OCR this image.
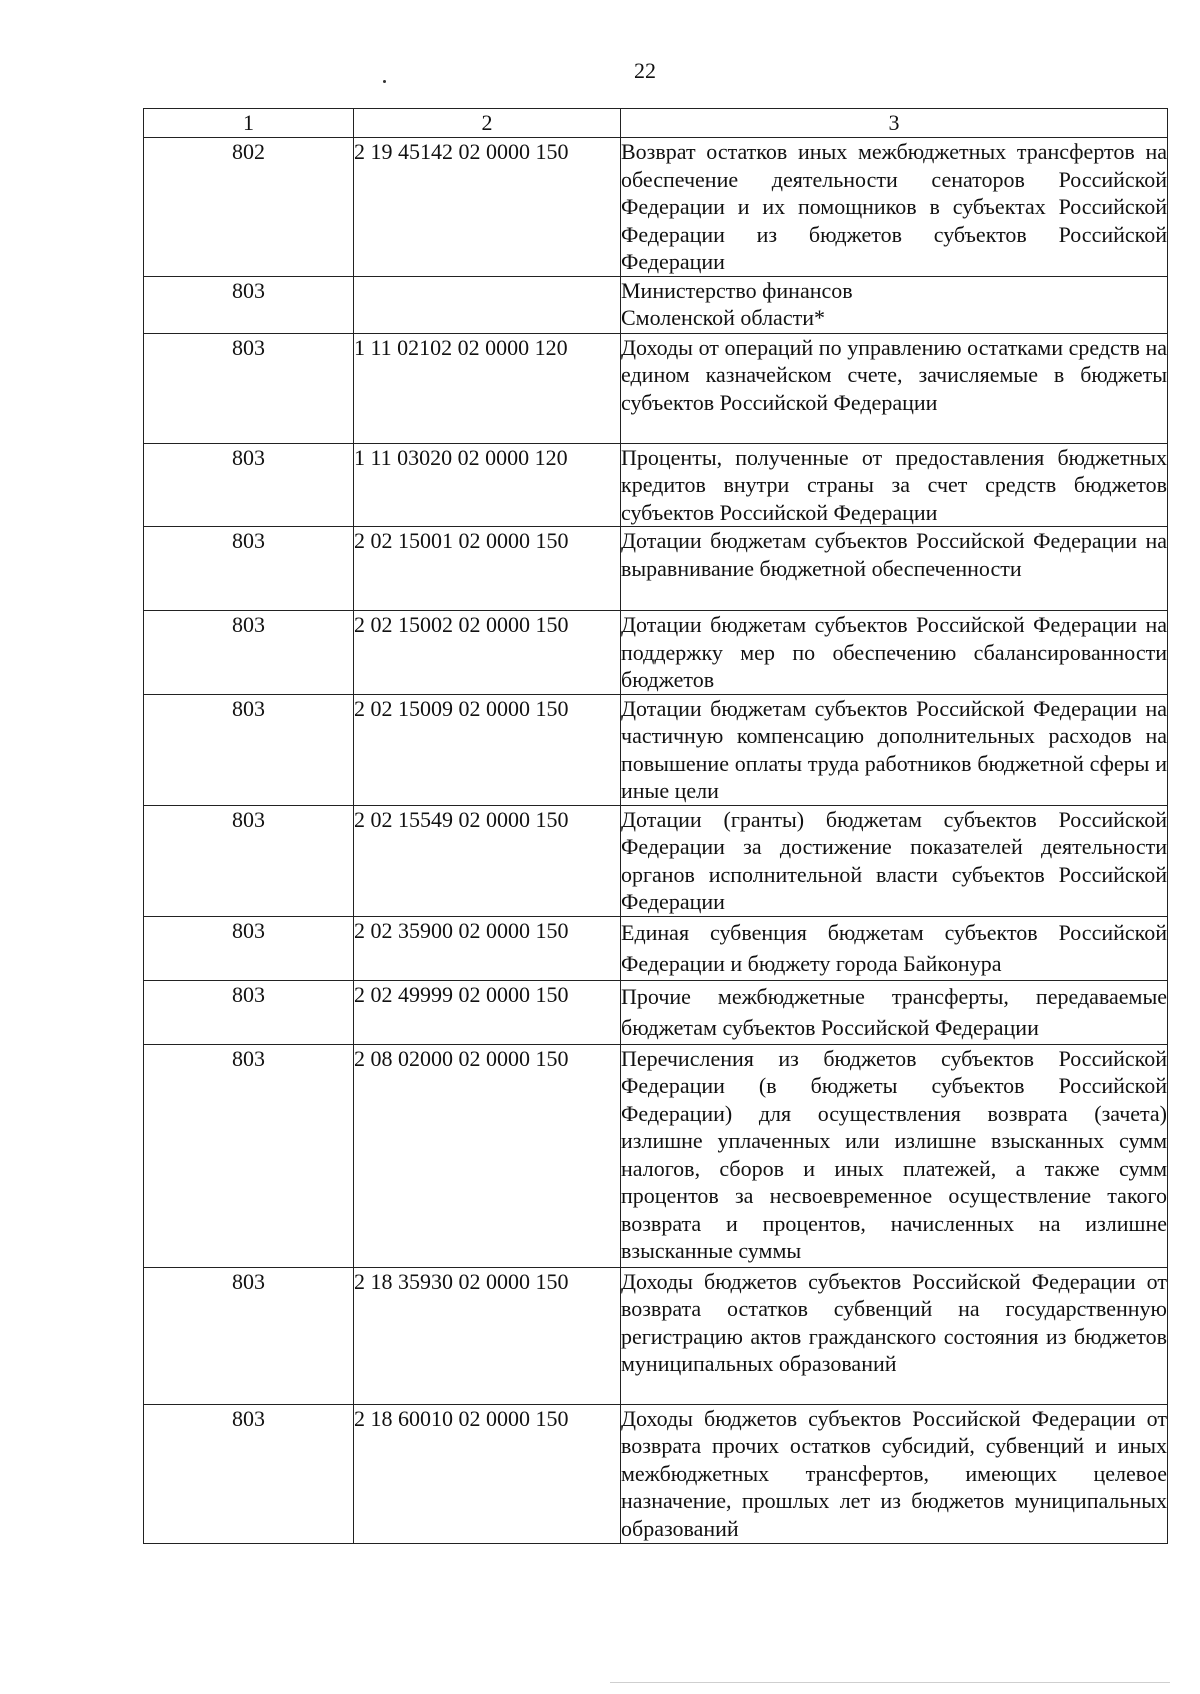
22
1	2	3
802	2 19 45142 02 0000 150	Возврат остатков иных межбюджетных трансфертов на обеспечение деятельности сенаторов Российской Федерации и их помощников в субъектах Российской Федерации из бюджетов субъектов Российской Федерации
803		Министерство финансов
Смоленской области*
803	1 11 02102 02 0000 120	Доходы от операций по управлению остатками средств на едином казначейском счете, зачисляемые в бюджеты субъектов Российской Федерации
803	1 11 03020 02 0000 120	Проценты, полученные от предоставления бюджетных кредитов внутри страны за счет средств бюджетов субъектов Российской Федерации
803	2 02 15001 02 0000 150	Дотации бюджетам субъектов Российской Федерации на выравнивание бюджетной обеспеченности
803	2 02 15002 02 0000 150	Дотации бюджетам субъектов Российской Федерации на поддержку мер по обеспечению сбалансированности бюджетов
803	2 02 15009 02 0000 150	Дотации бюджетам субъектов Российской Федерации на частичную компенсацию дополнительных расходов на повышение оплаты труда работников бюджетной сферы и иные цели
803	2 02 15549 02 0000 150	Дотации (гранты) бюджетам субъектов Российской Федерации за достижение показателей деятельности органов исполнительной власти субъектов Российской Федерации
803	2 02 35900 02 0000 150	Единая субвенция бюджетам субъектов Российской Федерации и бюджету города Байконура
803	2 02 49999 02 0000 150	Прочие межбюджетные трансферты, передаваемые бюджетам субъектов Российской Федерации
803	2 08 02000 02 0000 150	Перечисления из бюджетов субъектов Российской Федерации (в бюджеты субъектов Российской Федерации) для осуществления возврата (зачета) излишне уплаченных или излишне взысканных сумм налогов, сборов и иных платежей, а также сумм процентов за несвоевременное осуществление такого возврата и процентов, начисленных на излишне взысканные суммы
803	2 18 35930 02 0000 150	Доходы бюджетов субъектов Российской Федерации от возврата остатков субвенций на государственную регистрацию актов гражданского состояния из бюджетов муниципальных образований
803	2 18 60010 02 0000 150	Доходы бюджетов субъектов Российской Федерации от возврата прочих остатков субсидий, субвенций и иных межбюджетных трансфертов, имеющих целевое назначение, прошлых лет из бюджетов муниципальных образований
